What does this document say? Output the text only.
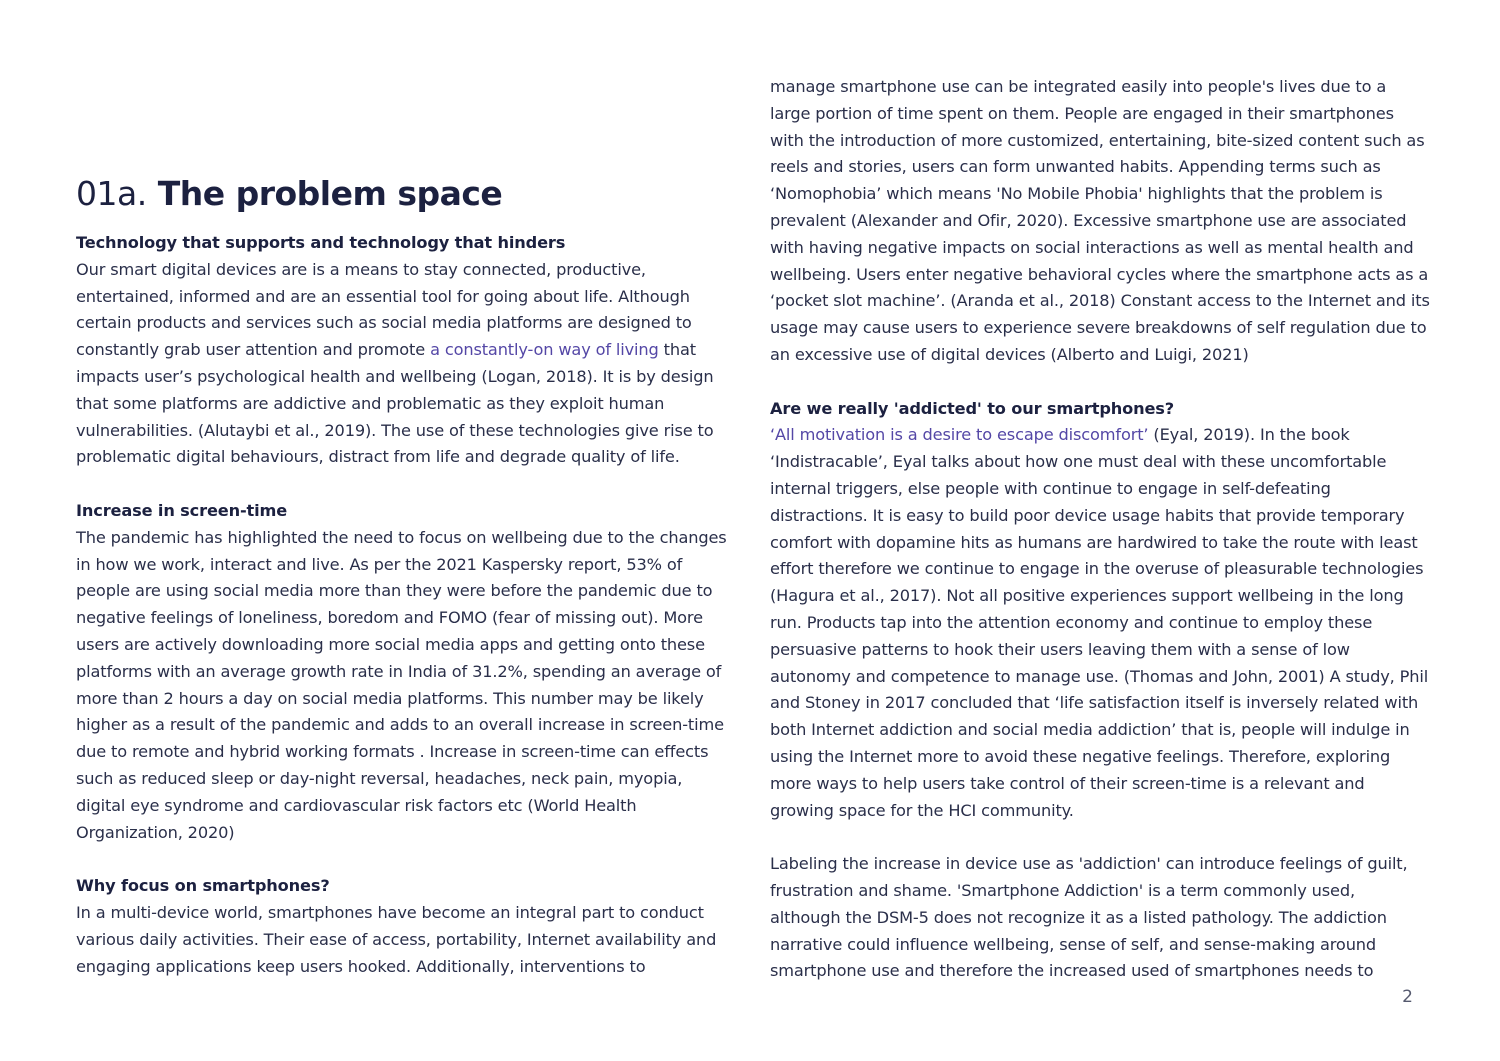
01a. The problem space

Technology that supports and technology that hinders

Our smart digital devices are is a means to stay connected, productive, entertained, informed and are an essential tool for going about life. Although certain products and services such as social media platforms are designed to constantly grab user attention and promote a constantly-on way of living that impacts user’s psychological health and wellbeing (Logan, 2018). It is by design that some platforms are addictive and problematic as they exploit human vulnerabilities. (Alutaybi et al., 2019). The use of these technologies give rise to problematic digital behaviours, distract from life and degrade quality of life.

Increase in screen-time

The pandemic has highlighted the need to focus on wellbeing due to the changes in how we work, interact and live. As per the 2021 Kaspersky report, 53% of people are using social media more than they were before the pandemic due to negative feelings of loneliness, boredom and FOMO (fear of missing out). More users are actively downloading more social media apps and getting onto these platforms with an average growth rate in India of 31.2%, spending an average of more than 2 hours a day on social media platforms. This number may be likely higher as a result of the pandemic and adds to an overall increase in screen-time due to remote and hybrid working formats . Increase in screen-time can effects such as reduced sleep or day-night reversal, headaches, neck pain, myopia, digital eye syndrome and cardiovascular risk factors etc (World Health Organization, 2020)

Why focus on smartphones?

In a multi-device world, smartphones have become an integral part to conduct various daily activities. Their ease of access, portability, Internet availability and engaging applications keep users hooked. Additionally, interventions to

manage smartphone use can be integrated easily into people's lives due to a large portion of time spent on them. People are engaged in their smartphones with the introduction of more customized, entertaining, bite-sized content such as reels and stories, users can form unwanted habits. Appending terms such as ‘Nomophobia’ which means 'No Mobile Phobia' highlights that the problem is prevalent (Alexander and Ofir, 2020). Excessive smartphone use are associated with having negative impacts on social interactions as well as mental health and wellbeing. Users enter negative behavioral cycles where the smartphone acts as a ‘pocket slot machine’. (Aranda et al., 2018) Constant access to the Internet and its usage may cause users to experience severe breakdowns of self regulation due to an excessive use of digital devices (Alberto and Luigi, 2021)

Are we really 'addicted' to our smartphones?

‘All motivation is a desire to escape discomfort’ (Eyal, 2019). In the book ‘Indistracable’, Eyal talks about how one must deal with these uncomfortable internal triggers, else people with continue to engage in self-defeating distractions. It is easy to build poor device usage habits that provide temporary comfort with dopamine hits as humans are hardwired to take the route with least effort therefore we continue to engage in the overuse of pleasurable technologies (Hagura et al., 2017). Not all positive experiences support wellbeing in the long run. Products tap into the attention economy and continue to employ these persuasive patterns to hook their users leaving them with a sense of low autonomy and competence to manage use. (Thomas and John, 2001) A study, Phil and Stoney in 2017 concluded that ‘life satisfaction itself is inversely related with both Internet addiction and social media addiction’ that is, people will indulge in using the Internet more to avoid these negative feelings. Therefore, exploring more ways to help users take control of their screen-time is a relevant and growing space for the HCI community.

Labeling the increase in device use as 'addiction' can introduce feelings of guilt, frustration and shame. 'Smartphone Addiction' is a term commonly used, although the DSM-5 does not recognize it as a listed pathology. The addiction narrative could influence wellbeing, sense of self, and sense-making around smartphone use and therefore the increased used of smartphones needs to

2
